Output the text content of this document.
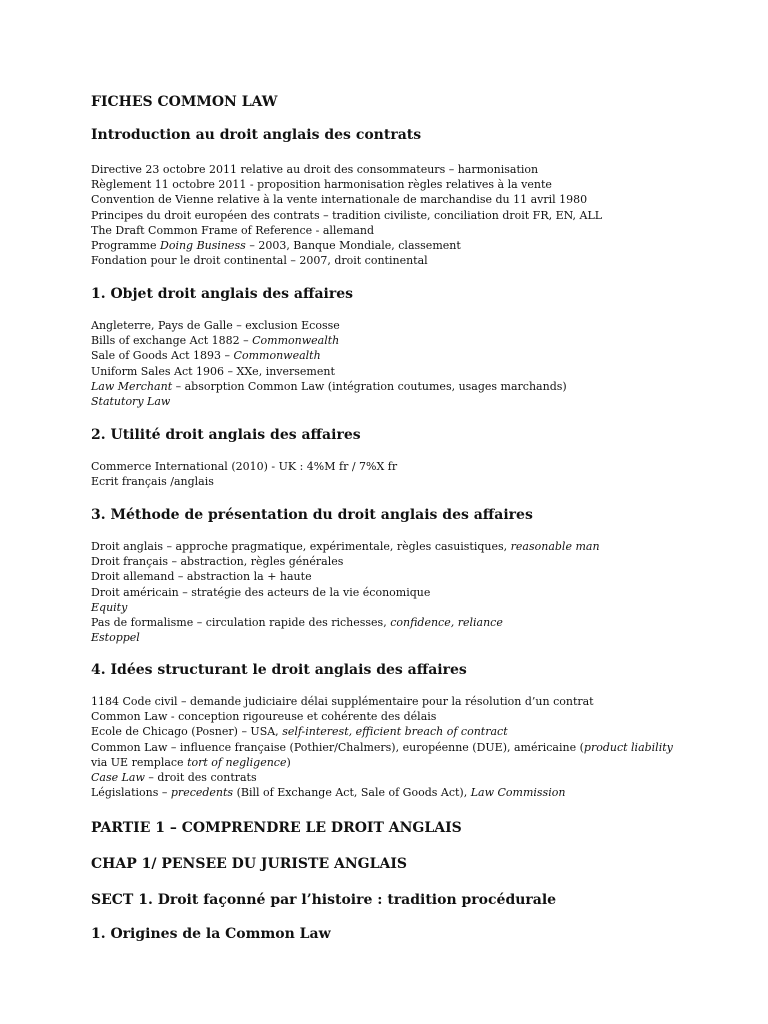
FICHES COMMON LAW
Introduction au droit anglais des contrats
Directive 23 octobre 2011 relative au droit des consommateurs – harmonisation
Règlement 11 octobre 2011 - proposition harmonisation règles relatives à la vente
Convention de Vienne relative à la vente internationale de marchandise du 11 avril 1980
Principes du droit européen des contrats – tradition civiliste, conciliation droit FR, EN, ALL
The Draft Common Frame of Reference - allemand
Programme Doing Business – 2003, Banque Mondiale, classement
Fondation pour le droit continental – 2007, droit continental
1. Objet droit anglais des affaires
Angleterre, Pays de Galle – exclusion Ecosse
Bills of exchange Act 1882 – Commonwealth
Sale of Goods Act 1893 – Commonwealth
Uniform Sales Act 1906 – XXe, inversement
Law Merchant – absorption Common Law (intégration coutumes, usages marchands)
Statutory Law
2. Utilité droit anglais des affaires
Commerce International (2010) - UK : 4%M fr / 7%X fr
Ecrit français /anglais
3. Méthode de présentation du droit anglais des affaires
Droit anglais – approche pragmatique, expérimentale, règles casuistiques, reasonable man
Droit français – abstraction, règles générales
Droit allemand – abstraction la + haute
Droit américain – stratégie des acteurs de la vie économique
Equity
Pas de formalisme – circulation rapide des richesses, confidence, reliance
Estoppel
4. Idées structurant le droit anglais des affaires
1184 Code civil – demande judiciaire délai supplémentaire pour la résolution d’un contrat
Common Law - conception rigoureuse et cohérente des délais
Ecole de Chicago (Posner) – USA, self-interest, efficient breach of contract
Common Law – influence française (Pothier/Chalmers), européenne (DUE), américaine (product liability
via UE remplace tort of negligence)
Case Law – droit des contrats
Législations – precedents (Bill of Exchange Act, Sale of Goods Act), Law Commission
PARTIE 1 – COMPRENDRE LE DROIT ANGLAIS
CHAP 1/ PENSEE DU JURISTE ANGLAIS
SECT 1. Droit façonné par l’histoire : tradition procédurale
1. Origines de la Common Law
